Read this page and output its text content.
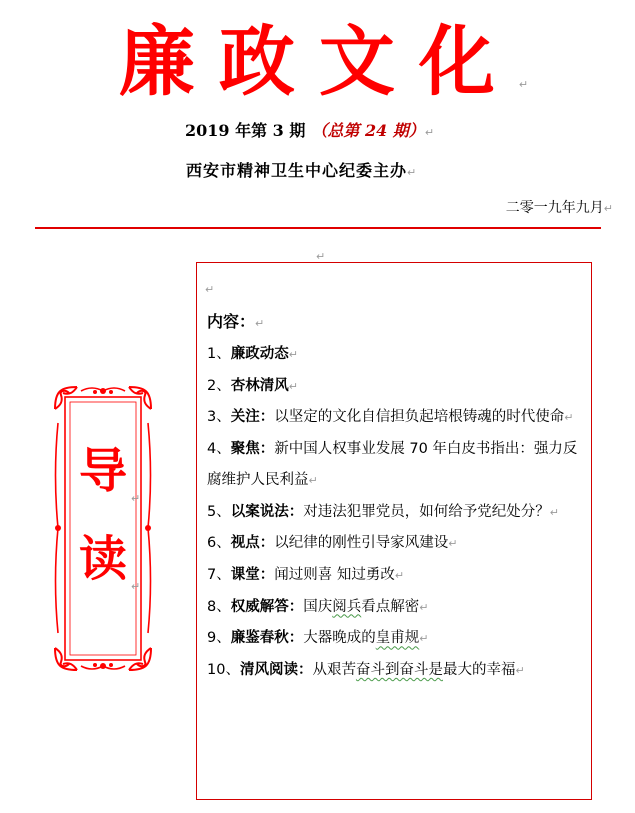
廉政文化↵
2019 年第 3 期 （总第 24 期）↵
西安市精神卫生中心纪委主办↵
二零一九年九月↵
↵
导 ↵
读 ↵
↵
内容：↵
1、廉政动态↵
2、杏林清风↵
3、关注：以坚定的文化自信担负起培根铸魂的时代使命↵
4、聚焦：新中国人权事业发展 70 年白皮书指出：强力反腐维护人民利益↵
5、以案说法：对违法犯罪党员，如何给予党纪处分？↵
6、视点：以纪律的刚性引导家风建设↵
7、课堂：闻过则喜 知过勇改↵
8、权威解答：国庆阅兵看点解密↵
9、廉鉴春秋：大器晚成的皇甫规↵
10、清风阅读：从艰苦奋斗到奋斗是最大的幸福↵
